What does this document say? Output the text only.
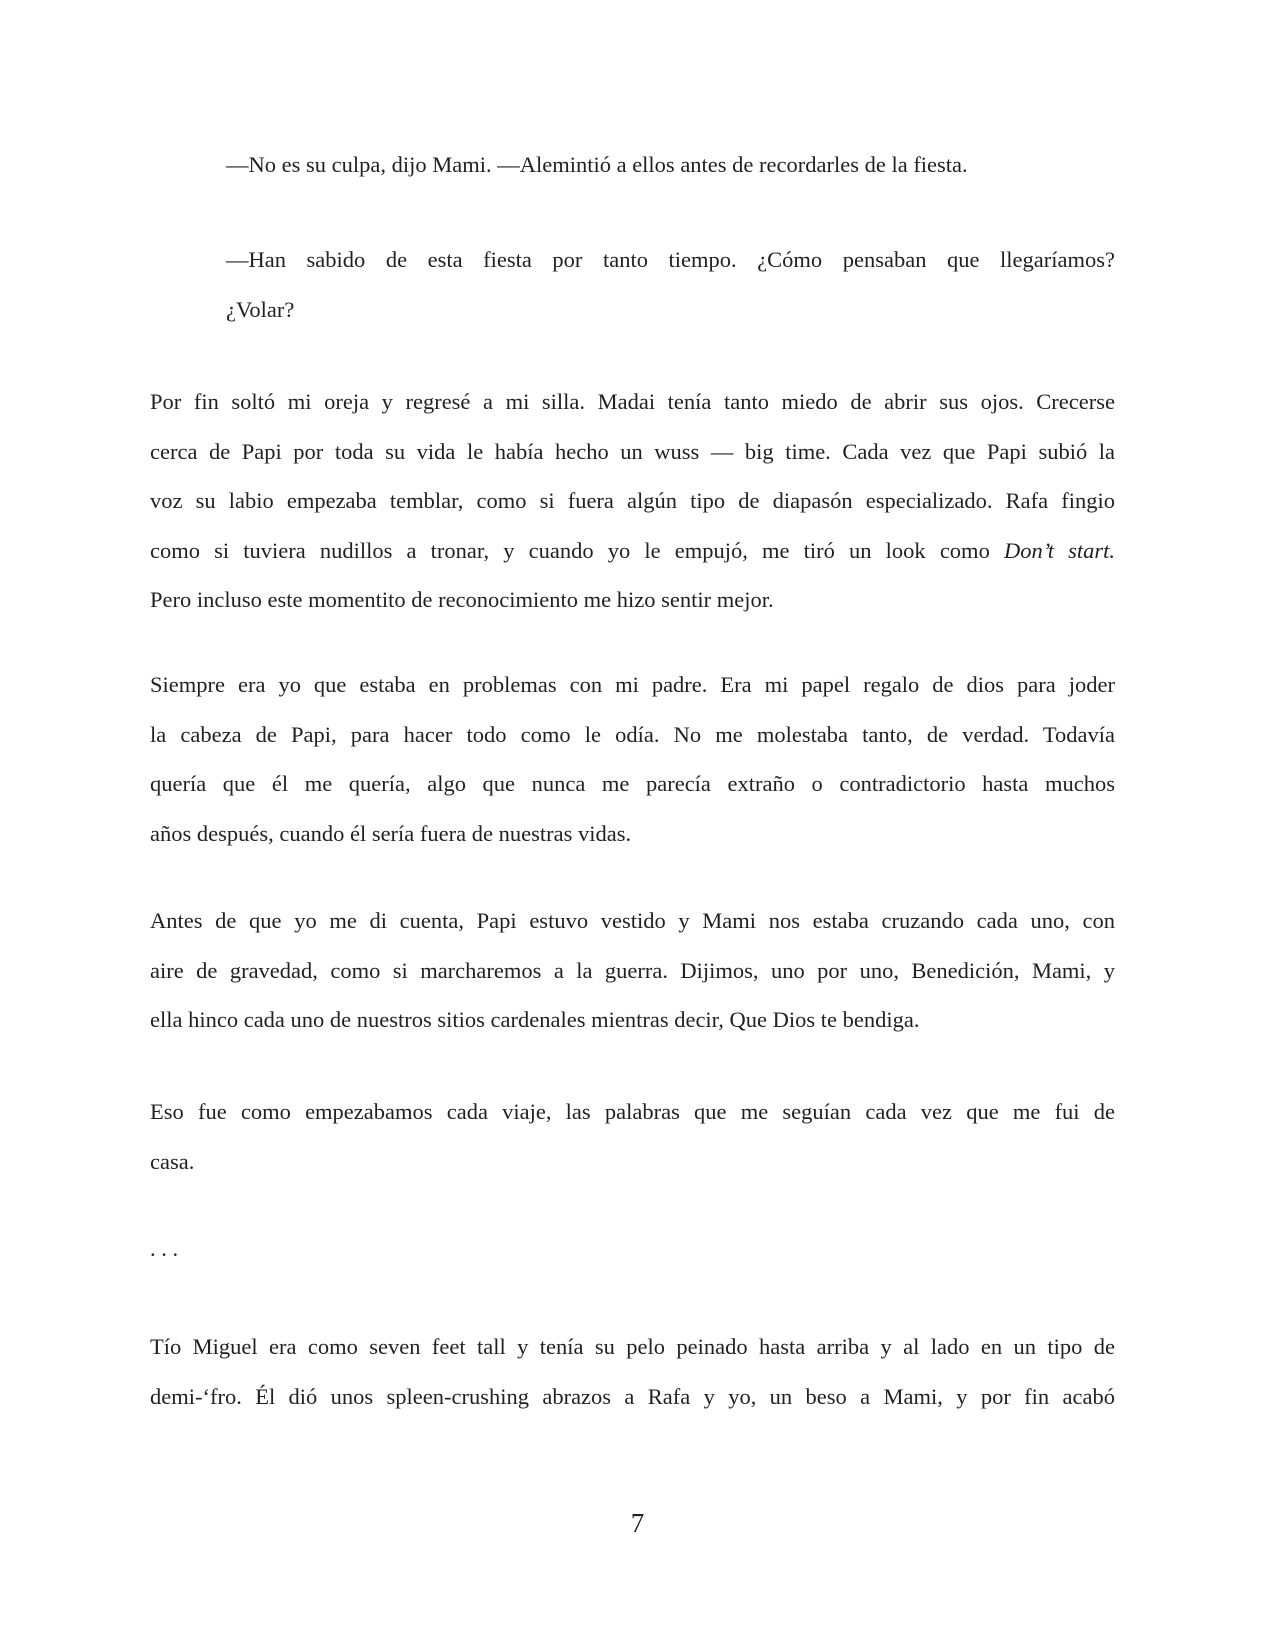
—No es su culpa, dijo Mami. —Alemintió a ellos antes de recordarles de la fiesta.
—Han sabido de esta fiesta por tanto tiempo. ¿Cómo pensaban que llegaríamos?
¿Volar?
Por fin soltó mi oreja y regresé a mi silla. Madai tenía tanto miedo de abrir sus ojos. Crecerse
cerca de Papi por toda su vida le había hecho un wuss — big time. Cada vez que Papi subió la
voz su labio empezaba temblar, como si fuera algún tipo de diapasón especializado. Rafa fingio
como si tuviera nudillos a tronar, y cuando yo le empujó, me tiró un look como Don’t start.
Pero incluso este momentito de reconocimiento me hizo sentir mejor.
Siempre era yo que estaba en problemas con mi padre. Era mi papel regalo de dios para joder
la cabeza de Papi, para hacer todo como le odía. No me molestaba tanto, de verdad. Todavía
quería que él me quería, algo que nunca me parecía extraño o contradictorio hasta muchos
años después, cuando él sería fuera de nuestras vidas.
Antes de que yo me di cuenta, Papi estuvo vestido y Mami nos estaba cruzando cada uno, con
aire de gravedad, como si marcharemos a la guerra. Dijimos, uno por uno, Benedición, Mami, y
ella hinco cada uno de nuestros sitios cardenales mientras decir, Que Dios te bendiga.
Eso fue como empezabamos cada viaje, las palabras que me seguían cada vez que me fui de
casa.
. . .
Tío Miguel era como seven feet tall y tenía su pelo peinado hasta arriba y al lado en un tipo de
demi-‘fro. Él dió unos spleen-crushing abrazos a Rafa y yo, un beso a Mami, y por fin acabó

7
